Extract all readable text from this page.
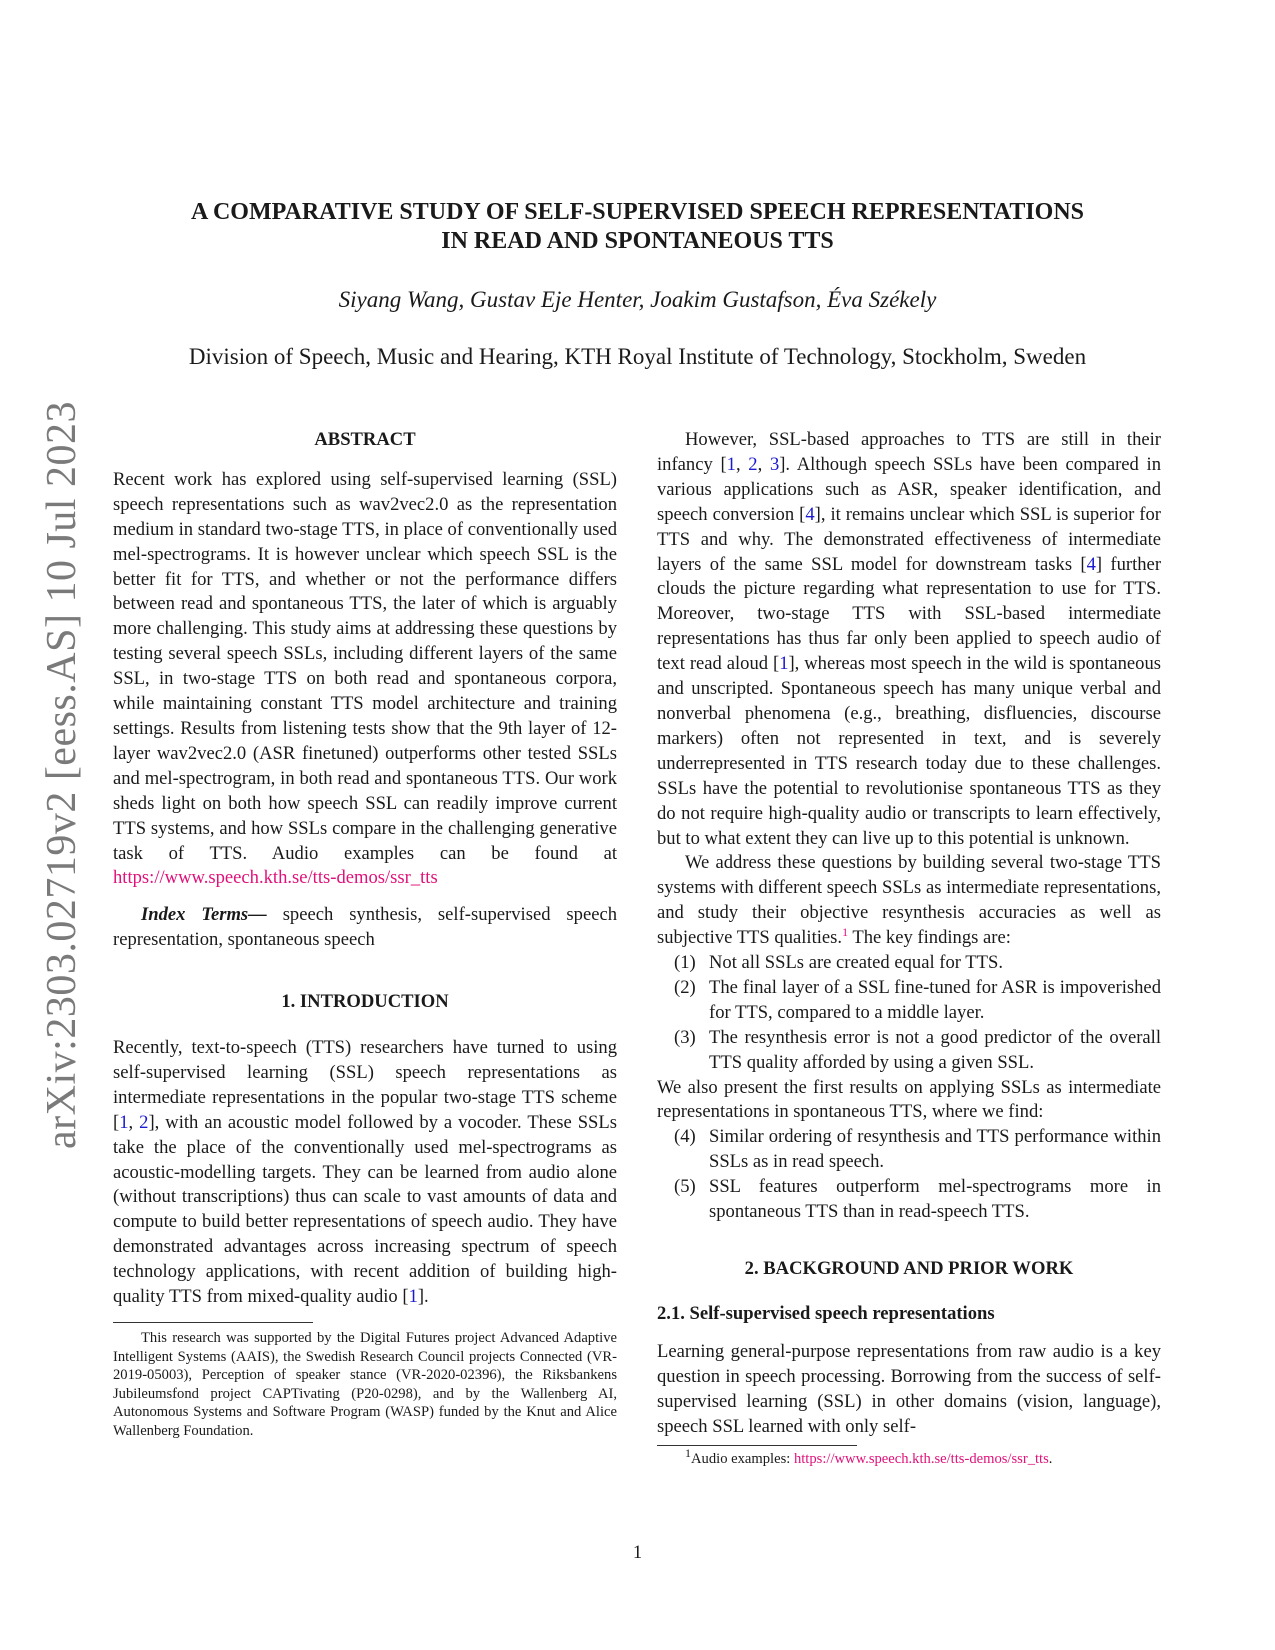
arXiv:2303.02719v2 [eess.AS] 10 Jul 2023
A COMPARATIVE STUDY OF SELF-SUPERVISED SPEECH REPRESENTATIONS
IN READ AND SPONTANEOUS TTS
Siyang Wang, Gustav Eje Henter, Joakim Gustafson, Éva Székely
Division of Speech, Music and Hearing, KTH Royal Institute of Technology, Stockholm, Sweden
ABSTRACT

Recent work has explored using self-supervised learning (SSL) speech representations such as wav2vec2.0 as the representation medium in standard two-stage TTS, in place of conventionally used mel-spectrograms. It is however unclear which speech SSL is the better fit for TTS, and whether or not the performance differs between read and spontaneous TTS, the later of which is arguably more challenging. This study aims at addressing these questions by testing several speech SSLs, including different layers of the same SSL, in two-stage TTS on both read and spontaneous corpora, while maintaining constant TTS model architecture and training settings. Results from listening tests show that the 9th layer of 12-layer wav2vec2.0 (ASR finetuned) outperforms other tested SSLs and mel-spectrogram, in both read and spontaneous TTS. Our work sheds light on both how speech SSL can readily improve current TTS systems, and how SSLs compare in the challenging generative task of TTS. Audio examples can be found at https://www.speech.kth.se/tts-demos/ssr_tts

Index Terms— speech synthesis, self-supervised speech representation, spontaneous speech

1. INTRODUCTION

Recently, text-to-speech (TTS) researchers have turned to using self-supervised learning (SSL) speech representations as intermediate representations in the popular two-stage TTS scheme [1, 2], with an acoustic model followed by a vocoder. These SSLs take the place of the conventionally used mel-spectrograms as acoustic-modelling targets. They can be learned from audio alone (without transcriptions) thus can scale to vast amounts of data and compute to build better representations of speech audio. They have demonstrated advantages across increasing spectrum of speech technology applications, with recent addition of building high-quality TTS from mixed-quality audio [1].

This research was supported by the Digital Futures project Advanced Adaptive Intelligent Systems (AAIS), the Swedish Research Council projects Connected (VR-2019-05003), Perception of speaker stance (VR-2020-02396), the Riksbankens Jubileumsfond project CAPTivating (P20-0298), and by the Wallenberg AI, Autonomous Systems and Software Program (WASP) funded by the Knut and Alice Wallenberg Foundation.

However, SSL-based approaches to TTS are still in their infancy [1, 2, 3]. Although speech SSLs have been compared in various applications such as ASR, speaker identification, and speech conversion [4], it remains unclear which SSL is superior for TTS and why. The demonstrated effectiveness of intermediate layers of the same SSL model for downstream tasks [4] further clouds the picture regarding what representation to use for TTS. Moreover, two-stage TTS with SSL-based intermediate representations has thus far only been applied to speech audio of text read aloud [1], whereas most speech in the wild is spontaneous and unscripted. Spontaneous speech has many unique verbal and nonverbal phenomena (e.g., breathing, disfluencies, discourse markers) often not represented in text, and is severely underrepresented in TTS research today due to these challenges. SSLs have the potential to revolutionise spontaneous TTS as they do not require high-quality audio or transcripts to learn effectively, but to what extent they can live up to this potential is unknown.

We address these questions by building several two-stage TTS systems with different speech SSLs as intermediate representations, and study their objective resynthesis accuracies as well as subjective TTS qualities.$^1$ The key findings are:

(1) Not all SSLs are created equal for TTS.
(2) The final layer of a SSL fine-tuned for ASR is impoverished for TTS, compared to a middle layer.
(3) The resynthesis error is not a good predictor of the overall TTS quality afforded by using a given SSL.

We also present the first results on applying SSLs as intermediate representations in spontaneous TTS, where we find:

(4) Similar ordering of resynthesis and TTS performance within SSLs as in read speech.
(5) SSL features outperform mel-spectrograms more in spontaneous TTS than in read-speech TTS.
2. BACKGROUND AND PRIOR WORK
2.1. Self-supervised speech representations

Learning general-purpose representations from raw audio is a key question in speech processing. Borrowing from the success of self-supervised learning (SSL) in other domains (vision, language), speech SSL learned with only self-

$^1$Audio examples: https://www.speech.kth.se/tts-demos/ssr_tts.

1
